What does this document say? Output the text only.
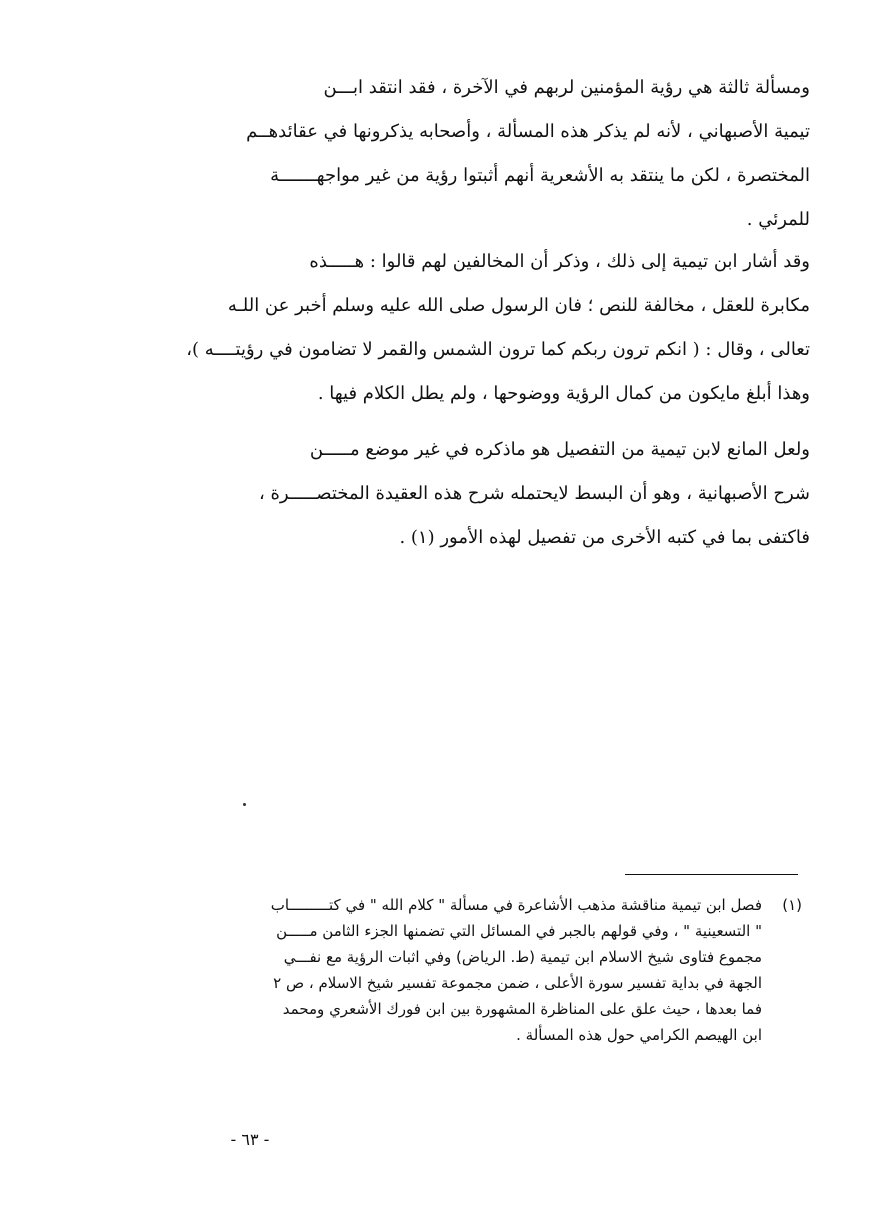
ومسألة ثالثة هي رؤية المؤمنين لربهم في الآخرة ، فقد انتقد ابـــن
تيمية الأصبهاني ، لأنه لم يذكر هذه المسألة ، وأصحابه يذكرونها في عقائدهــم
المختصرة ، لكن ما ينتقد به الأشعرية أنهم أثبتوا رؤية من غير مواجهـــــــة
للمرئي .
وقد أشار ابن تيمية إلى ذلك ، وذكر أن المخالفين لهم قالوا : هـــــذه
مكابرة للعقل ، مخالفة للنص ؛ فان الرسول صلى الله عليه وسلم أخبر عن اللـه
تعالى ، وقال : ( انكم ترون ربكم كما ترون الشمس والقمر لا تضامون في رؤيتــــه )،
وهذا أبلغ مايكون من كمال الرؤية ووضوحها ، ولم يطل الكلام فيها .
ولعل المانع لابن تيمية من التفصيل هو ماذكره في غير موضع مـــــن
شرح الأصبهانية ، وهو أن البسط لايحتمله شرح هذه العقيدة المختصـــــرة ،
فاكتفى بما في كتبه الأخرى من تفصيل لهذه الأمور (١) .
(١)
فصل ابن تيمية مناقشة مذهب الأشاعرة في مسألة " كلام الله " في كتـــــــــاب
" التسعينية " ، وفي قولهم بالجبر في المسائل التي تضمنها الجزء الثامن مـــــن
مجموع فتاوى شيخ الاسلام ابن تيمية (ط. الرياض) وفي اثبات الرؤية مع نفـــي
الجهة في بداية تفسير سورة الأعلى ، ضمن مجموعة تفسير شيخ الاسلام ، ص ٢
فما بعدها ، حيث علق على المناظرة المشهورة بين ابن فورك الأشعري ومحمد
ابن الهيصم الكرامي حول هذه المسألة .
- ٦٣ -
